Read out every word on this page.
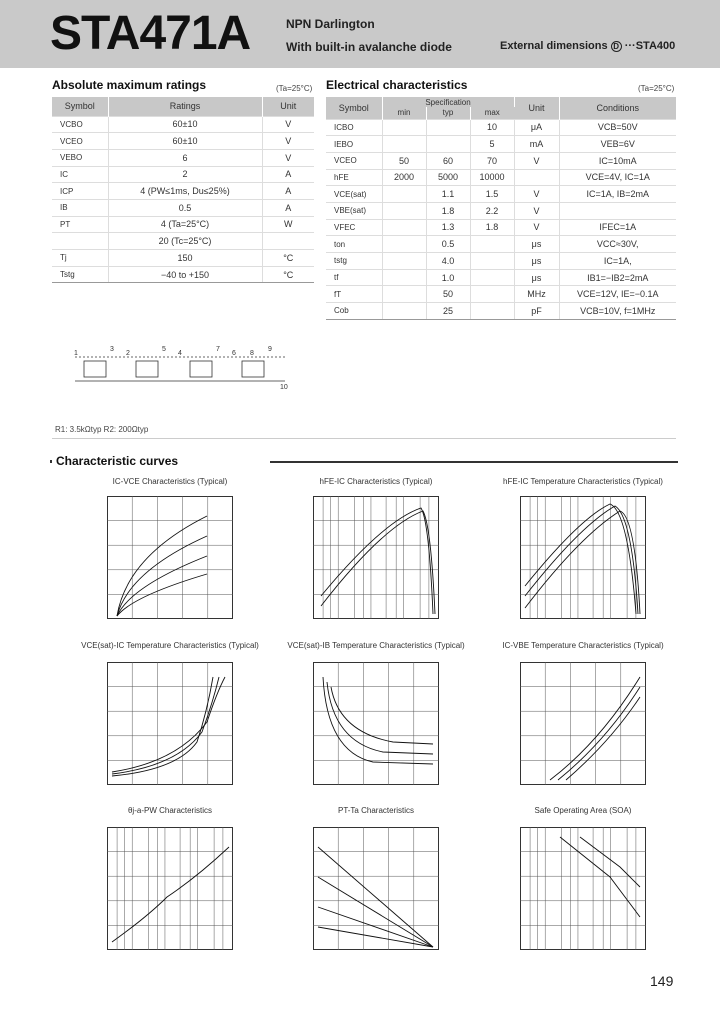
STA471A	NPN Darlington
With built-in avalanche diode	External dimensions D ···STA400
Absolute maximum ratings	(Ta=25°C)
Symbol	Ratings	Unit
VCBO	60±10	V
VCEO	60±10	V
VEBO	6	V
IC	2	A
ICP	4 (PW≤1ms, Du≤25%)	A
IB	0.5	A
PT	4 (Ta=25°C)	W
	20 (Tc=25°C)	
Tj	150	°C
Tstg	−40 to +150	°C
Electrical characteristics	(Ta=25°C)
Symbol	Specification			Unit	Conditions
	min	typ	max		
ICBO			10	μA	VCB=50V
IEBO			5	mA	VEB=6V
VCEO	50	60	70	V	IC=10mA
hFE	2000	5000	10000		VCE=4V, IC=1A
VCE(sat)		1.1	1.5	V	IC=1A, IB=2mA
VBE(sat)		1.8	2.2	V	
VFEC		1.3	1.8	V	IFEC=1A
ton		0.5		μs	VCC≈30V,
tstg		4.0		μs	IC=1A,
tf		1.0		μs	IB1=−IB2=2mA
fT		50		MHz	VCE=12V, IE=−0.1A
Cob		25		pF	VCB=10V, f=1MHz
1
3
2
5
4
7
6
9
8
10
R1: 3.5kΩtyp R2: 200Ωtyp
Characteristic curves
IC-VCE Characteristics (Typical)	hFE-IC Characteristics (Typical)	hFE-IC Temperature Characteristics (Typical)
VCE(sat)-IC Temperature Characteristics (Typical)	VCE(sat)-IB Temperature Characteristics (Typical)	IC-VBE Temperature Characteristics (Typical)
θj-a-PW Characteristics	PT-Ta Characteristics	Safe Operating Area (SOA)
149
